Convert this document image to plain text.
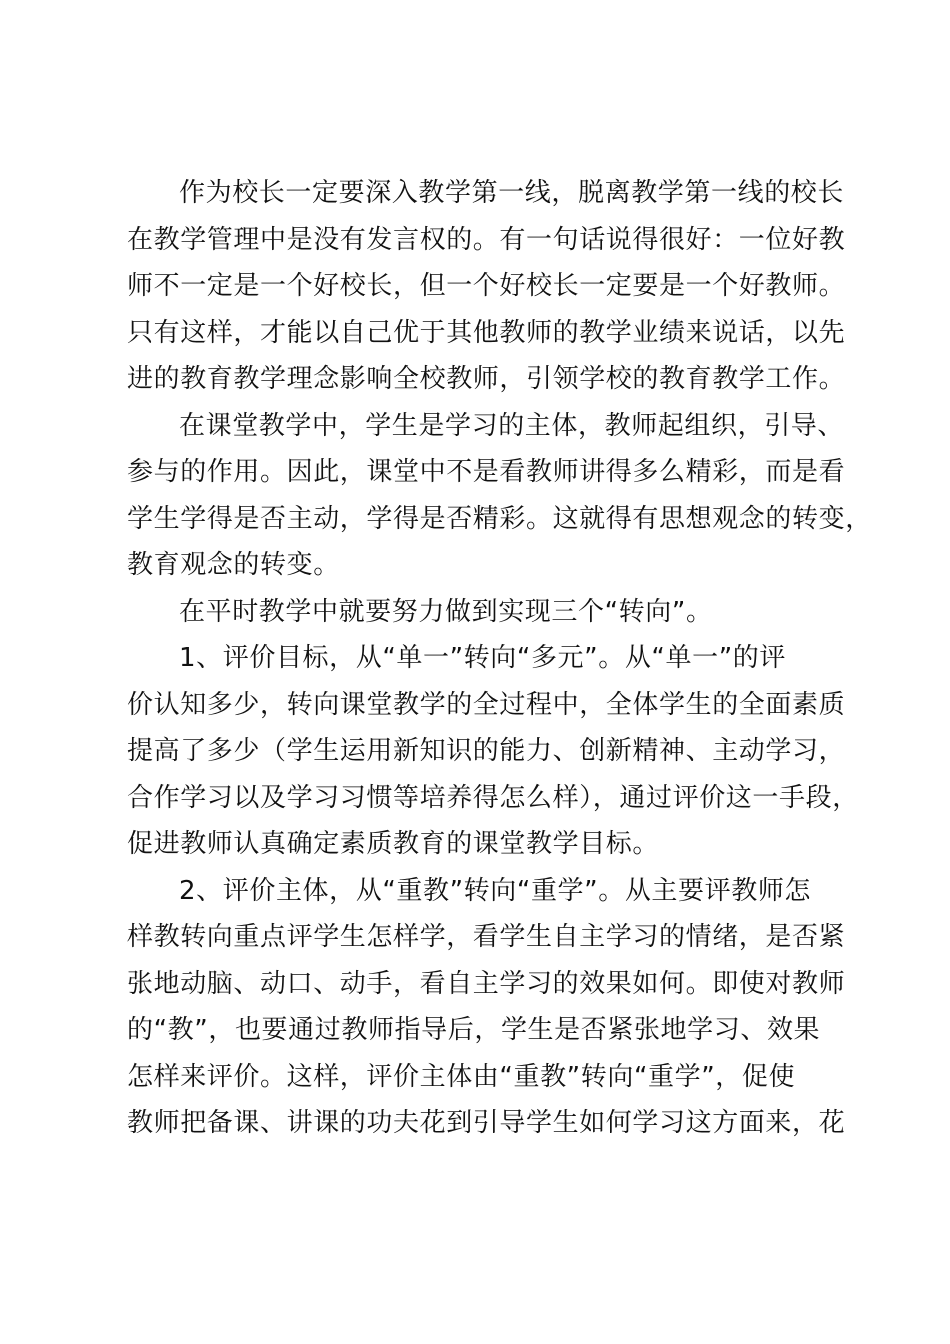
作为校长一定要深入教学第一线，脱离教学第一线的校长
在教学管理中是没有发言权的。有一句话说得很好：一位好教
师不一定是一个好校长，但一个好校长一定要是一个好教师。
只有这样，才能以自己优于其他教师的教学业绩来说话，以先
进的教育教学理念影响全校教师，引领学校的教育教学工作。
在课堂教学中，学生是学习的主体，教师起组织，引导、
参与的作用。因此，课堂中不是看教师讲得多么精彩，而是看
学生学得是否主动，学得是否精彩。这就得有思想观念的转变，
教育观念的转变。
在平时教学中就要努力做到实现三个“转向”。
1、评价目标，从“单一”转向“多元”。从“单一”的评
价认知多少，转向课堂教学的全过程中，全体学生的全面素质
提高了多少（学生运用新知识的能力、创新精神、主动学习，
合作学习以及学习习惯等培养得怎么样），通过评价这一手段，
促进教师认真确定素质教育的课堂教学目标。
2、评价主体，从“重教”转向“重学”。从主要评教师怎
样教转向重点评学生怎样学，看学生自主学习的情绪，是否紧
张地动脑、动口、动手，看自主学习的效果如何。即使对教师
的“教”，也要通过教师指导后，学生是否紧张地学习、效果
怎样来评价。这样，评价主体由“重教”转向“重学”，促使
教师把备课、讲课的功夫花到引导学生如何学习这方面来，花
